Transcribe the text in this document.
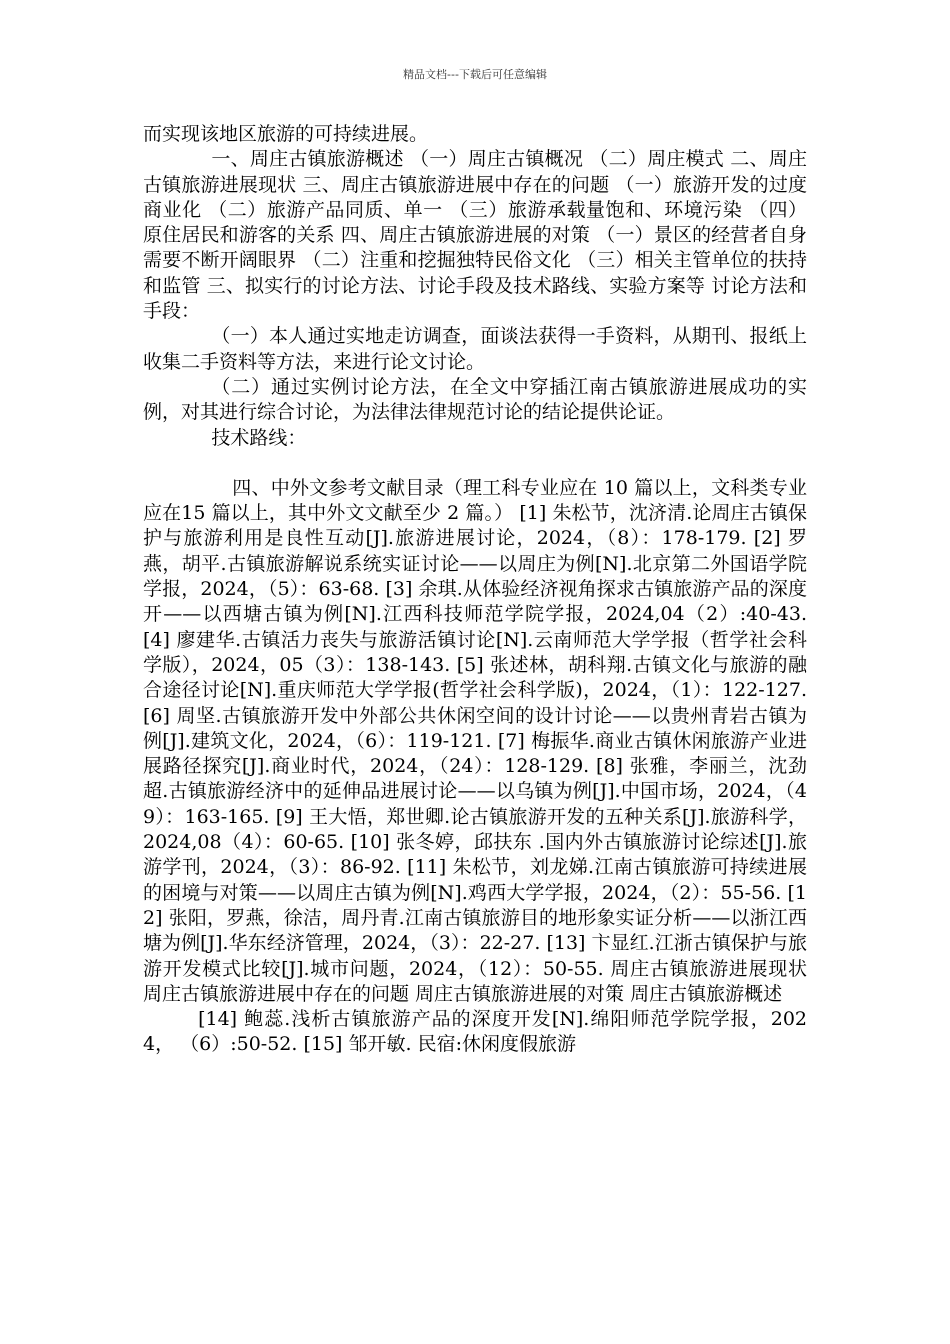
精品文档---下载后可任意编辑

而实现该地区旅游的可持续进展。

一、周庄古镇旅游概述 （一）周庄古镇概况 （二）周庄模式 二、周庄古镇旅游进展现状 三、周庄古镇旅游进展中存在的问题 （一）旅游开发的过度商业化 （二）旅游产品同质、单一 （三）旅游承载量饱和、环境污染 （四）原住居民和游客的关系 四、周庄古镇旅游进展的对策 （一）景区的经营者自身需要不断开阔眼界 （二）注重和挖掘独特民俗文化 （三）相关主管单位的扶持和监管 三、拟实行的讨论方法、讨论手段及技术路线、实验方案等 讨论方法和手段：

（一）本人通过实地走访调查，面谈法获得一手资料，从期刊、报纸上收集二手资料等方法，来进行论文讨论。

（二）通过实例讨论方法，在全文中穿插江南古镇旅游进展成功的实例，对其进行综合讨论，为法律法律规范讨论的结论提供论证。

技术路线：

四、中外文参考文献目录（理工科专业应在 10 篇以上，文科类专业应在15 篇以上，其中外文文献至少 2 篇。） [1] 朱松节，沈济清.论周庄古镇保护与旅游利用是良性互动[J].旅游进展讨论，2024，（8）：178-179. [2] 罗燕，胡平.古镇旅游解说系统实证讨论——以周庄为例[N].北京第二外国语学院学报，2024，（5）：63-68. [3] 余琪.从体验经济视角探求古镇旅游产品的深度开——以西塘古镇为例[N].江西科技师范学院学报，2024,04（2）:40-43. [4] 廖建华.古镇活力丧失与旅游活镇讨论[N].云南师范大学学报（哲学社会科学版），2024，05（3）：138-143. [5] 张述林，胡科翔.古镇文化与旅游的融合途径讨论[N].重庆师范大学学报(哲学社会科学版)，2024，（1）：122-127. [6] 周坚.古镇旅游开发中外部公共休闲空间的设计讨论——以贵州青岩古镇为例[J].建筑文化，2024，（6）：119-121. [7] 梅振华.商业古镇休闲旅游产业进展路径探究[J].商业时代，2024，（24）：128-129. [8] 张雅，李丽兰，沈劲超.古镇旅游经济中的延伸品进展讨论——以乌镇为例[J].中国市场，2024，（49）：163-165. [9] 王大悟，郑世卿.论古镇旅游开发的五种关系[J].旅游科学，2024,08（4）：60-65. [10] 张冬婷，邱扶东 .国内外古镇旅游讨论综述[J].旅游学刊，2024，（3）：86-92. [11] 朱松节，刘龙娣.江南古镇旅游可持续进展的困境与对策——以周庄古镇为例[N].鸡西大学学报，2024，（2）：55-56. [12] 张阳，罗燕，徐洁，周丹青.江南古镇旅游目的地形象实证分析——以浙江西塘为例[J].华东经济管理，2024，（3）：22-27. [13] 卞显红.江浙古镇保护与旅游开发模式比较[J].城市问题，2024，（12）：50-55. 周庄古镇旅游进展现状 周庄古镇旅游进展中存在的问题 周庄古镇旅游进展的对策 周庄古镇旅游概述

[14] 鲍蕊.浅析古镇旅游产品的深度开发[N].绵阳师范学院学报，2024， （6）:50-52. [15] 邹开敏. 民宿:休闲度假旅游
